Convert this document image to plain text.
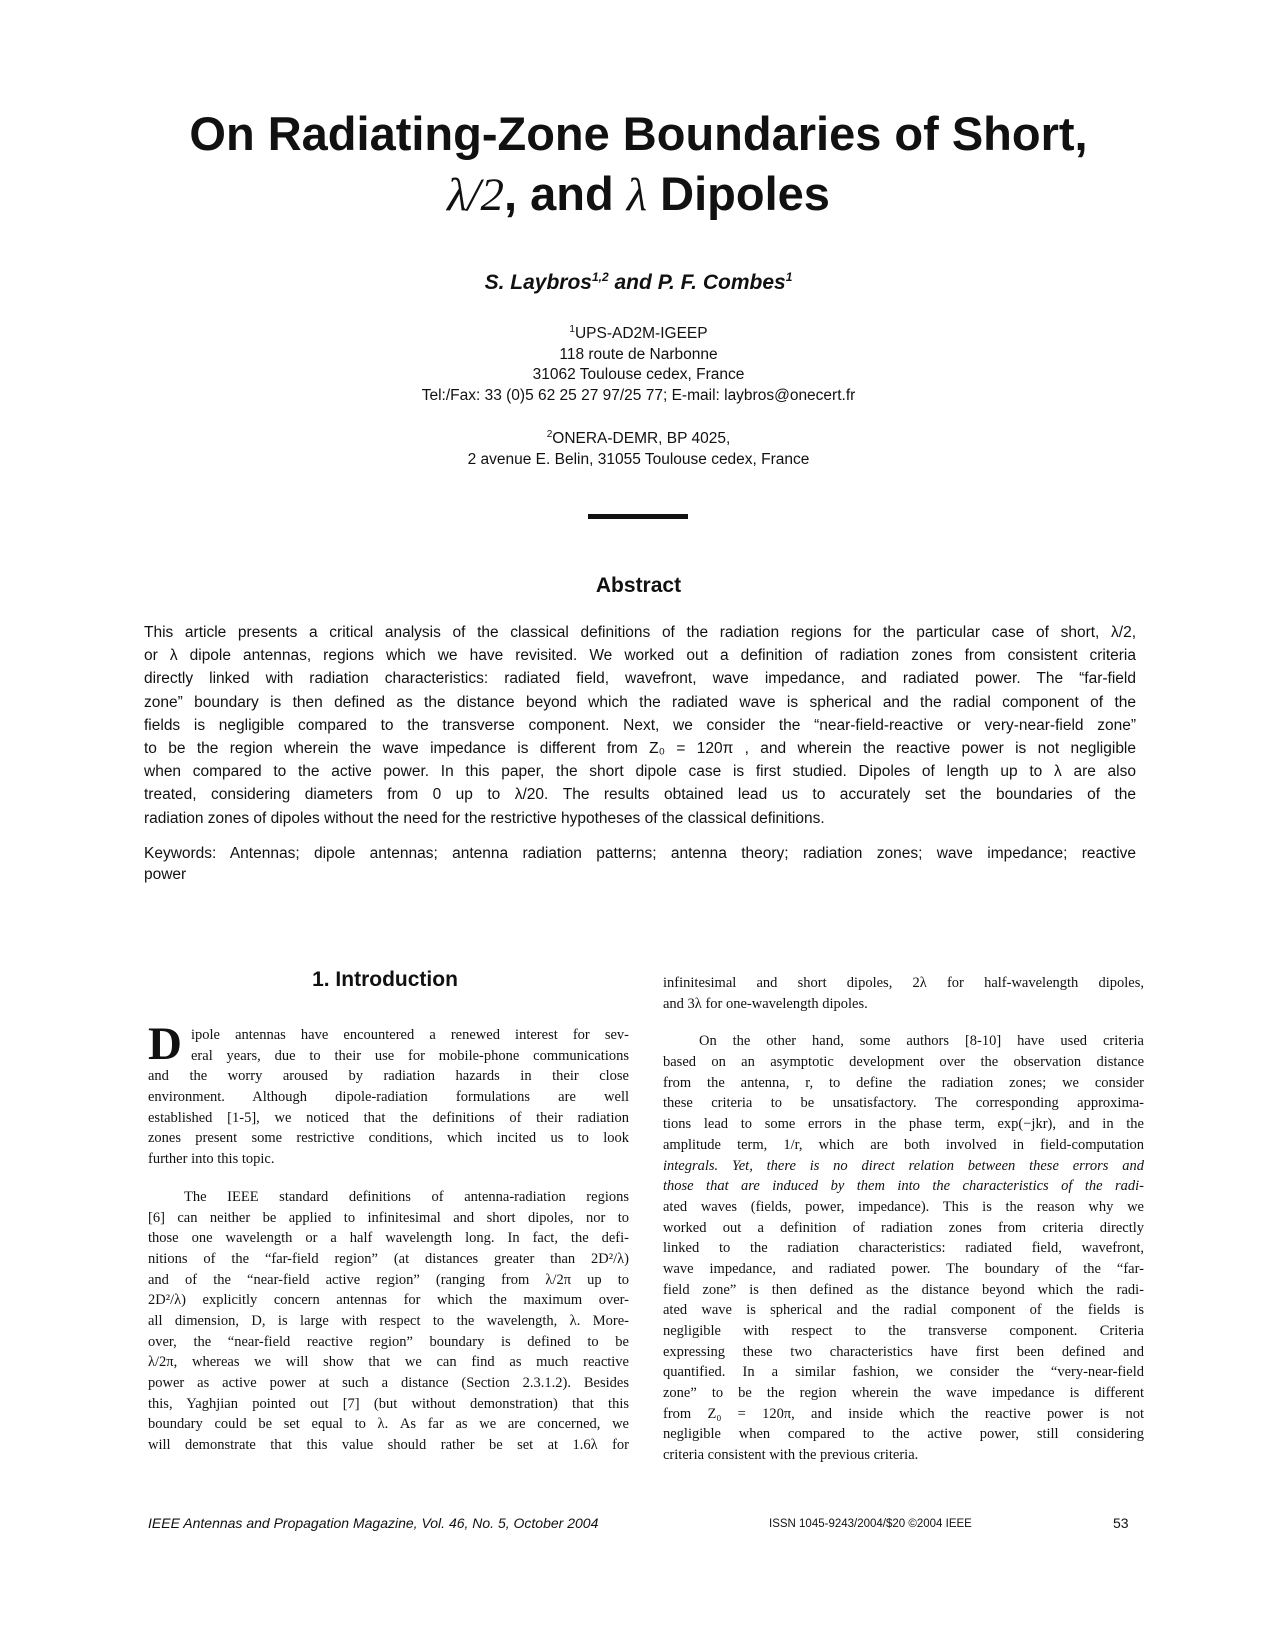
On Radiating-Zone Boundaries of Short,
λ/2, and λ Dipoles
S. Laybros$^{1,2}$ and P. F. Combes$^1$
$^1$UPS-AD2M-IGEEP
118 route de Narbonne
31062 Toulouse cedex, France
Tel:/Fax: 33 (0)5 62 25 27 97/25 77; E-mail: laybros@onecert.fr
$^2$ONERA-DEMR, BP 4025,
2 avenue E. Belin, 31055 Toulouse cedex, France
Abstract
This article presents a critical analysis of the classical definitions of the radiation regions for the particular case of short, λ/2,
or λ dipole antennas, regions which we have revisited. We worked out a definition of radiation zones from consistent criteria
directly linked with radiation characteristics: radiated field, wavefront, wave impedance, and radiated power. The “far-field
zone” boundary is then defined as the distance beyond which the radiated wave is spherical and the radial component of the
fields is negligible compared to the transverse component. Next, we consider the “near-field-reactive or very-near-field zone”
to be the region wherein the wave impedance is different from Z₀ = 120π , and wherein the reactive power is not negligible
when compared to the active power. In this paper, the short dipole case is first studied. Dipoles of length up to λ are also
treated, considering diameters from 0 up to λ/20. The results obtained lead us to accurately set the boundaries of the
radiation zones of dipoles without the need for the restrictive hypotheses of the classical definitions.
Keywords: Antennas; dipole antennas; antenna radiation patterns; antenna theory; radiation zones; wave impedance; reactive
power
1. Introduction
D ipole antennas have encountered a renewed interest for sev-
eral years, due to their use for mobile-phone communications
and the worry aroused by radiation hazards in their close
environment. Although dipole-radiation formulations are well
established [1-5], we noticed that the definitions of their radiation
zones present some restrictive conditions, which incited us to look
further into this topic.
The IEEE standard definitions of antenna-radiation regions
[6] can neither be applied to infinitesimal and short dipoles, nor to
those one wavelength or a half wavelength long. In fact, the defi-
nitions of the “far-field region” (at distances greater than 2D²/λ)
and of the “near-field active region” (ranging from λ/2π up to
2D²/λ) explicitly concern antennas for which the maximum over-
all dimension, D, is large with respect to the wavelength, λ. More-
over, the “near-field reactive region” boundary is defined to be
λ/2π, whereas we will show that we can find as much reactive
power as active power at such a distance (Section 2.3.1.2). Besides
this, Yaghjian pointed out [7] (but without demonstration) that this
boundary could be set equal to λ. As far as we are concerned, we
will demonstrate that this value should rather be set at 1.6λ for
infinitesimal and short dipoles, 2λ for half-wavelength dipoles,
and 3λ for one-wavelength dipoles.
On the other hand, some authors [8-10] have used criteria
based on an asymptotic development over the observation distance
from the antenna, r, to define the radiation zones; we consider
these criteria to be unsatisfactory. The corresponding approxima-
tions lead to some errors in the phase term, exp(−jkr), and in the
amplitude term, 1/r, which are both involved in field-computation
integrals. Yet, there is no direct relation between these errors and
those that are induced by them into the characteristics of the radi-
ated waves (fields, power, impedance). This is the reason why we
worked out a definition of radiation zones from criteria directly
linked to the radiation characteristics: radiated field, wavefront,
wave impedance, and radiated power. The boundary of the “far-
field zone” is then defined as the distance beyond which the radi-
ated wave is spherical and the radial component of the fields is
negligible with respect to the transverse component. Criteria
expressing these two characteristics have first been defined and
quantified. In a similar fashion, we consider the “very-near-field
zone” to be the region wherein the wave impedance is different
from Z₀ = 120π, and inside which the reactive power is not
negligible when compared to the active power, still considering
criteria consistent with the previous criteria.
IEEE Antennas and Propagation Magazine, Vol. 46, No. 5, October 2004	ISSN 1045-9243/2004/$20 ©2004 IEEE	53
